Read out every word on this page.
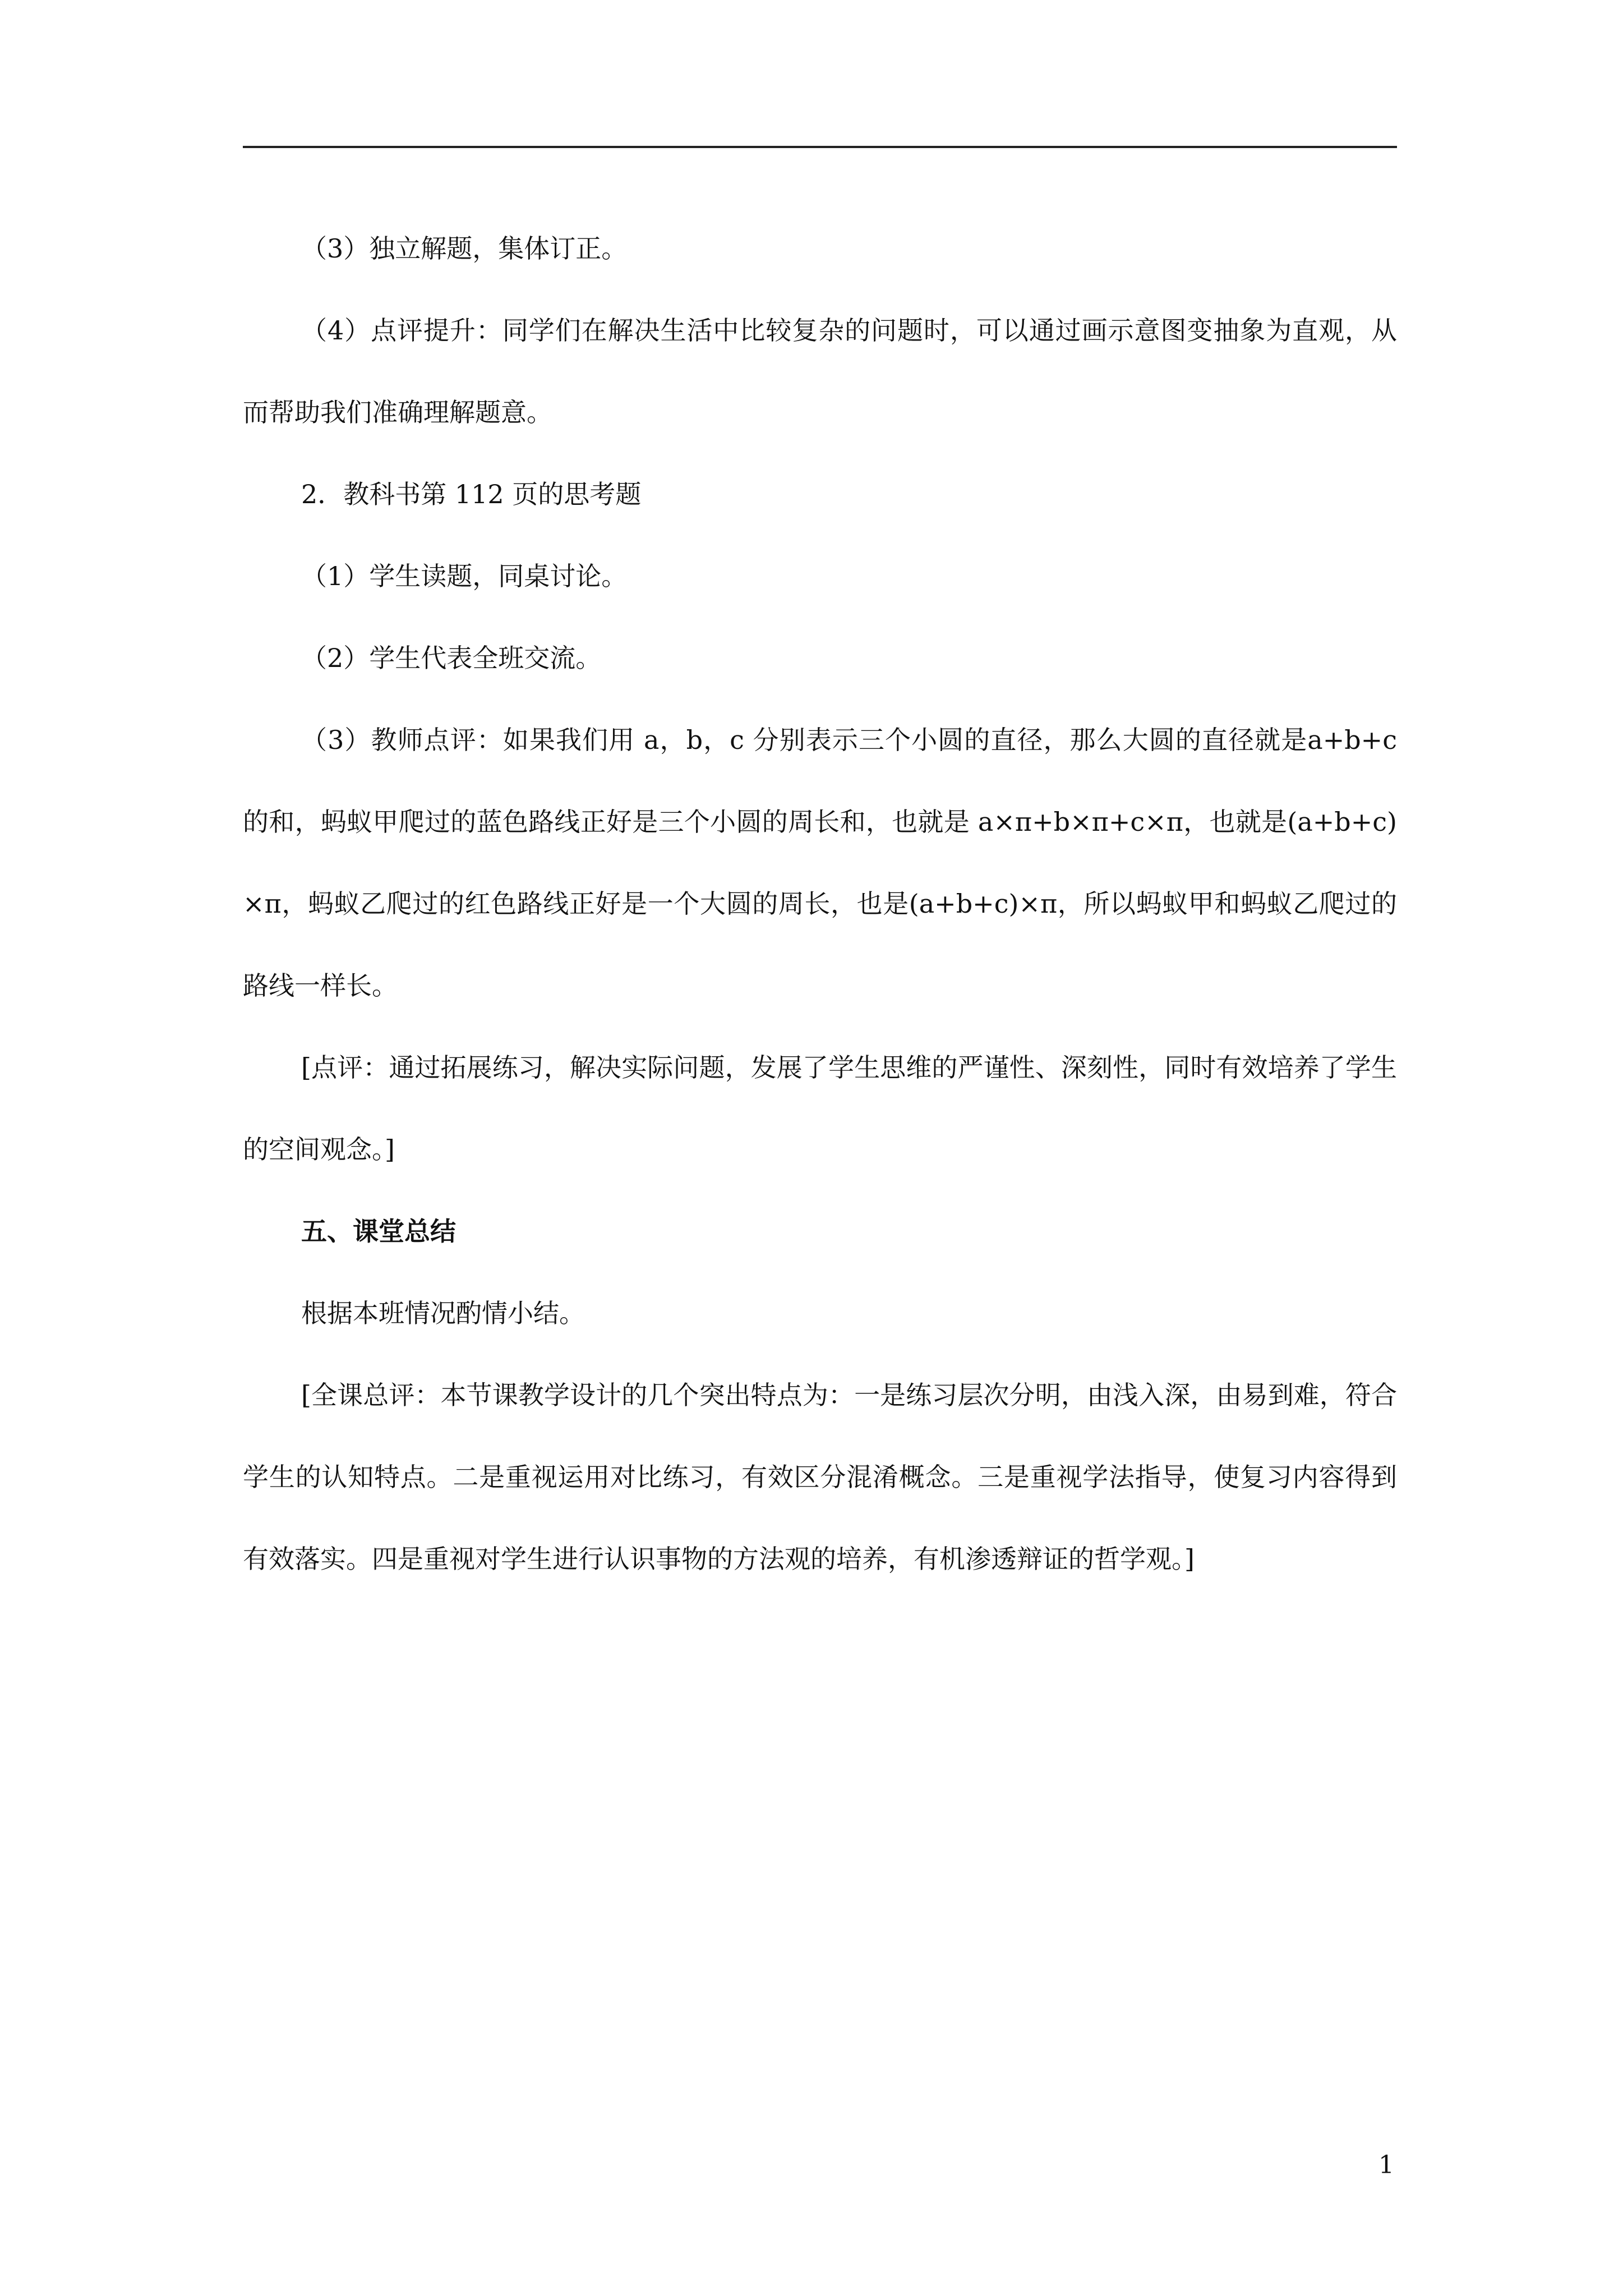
（3）独立解题，集体订正。

（4）点评提升：同学们在解决生活中比较复杂的问题时，可以通过画示意图变抽象为直观，从而帮助我们准确理解题意。

2．教科书第 112 页的思考题

（1）学生读题，同桌讨论。

（2）学生代表全班交流。

（3）教师点评：如果我们用 a，b，c 分别表示三个小圆的直径，那么大圆的直径就是a+b+c 的和，蚂蚁甲爬过的蓝色路线正好是三个小圆的周长和，也就是 a×π+b×π+c×π，也就是(a+b+c)×π，蚂蚁乙爬过的红色路线正好是一个大圆的周长，也是(a+b+c)×π，所以蚂蚁甲和蚂蚁乙爬过的路线一样长。

[点评：通过拓展练习，解决实际问题，发展了学生思维的严谨性、深刻性，同时有效培养了学生的空间观念。]

五、课堂总结

根据本班情况酌情小结。

[全课总评：本节课教学设计的几个突出特点为：一是练习层次分明，由浅入深，由易到难，符合学生的认知特点。二是重视运用对比练习，有效区分混淆概念。三是重视学法指导，使复习内容得到有效落实。四是重视对学生进行认识事物的方法观的培养，有机渗透辩证的哲学观。]

1
